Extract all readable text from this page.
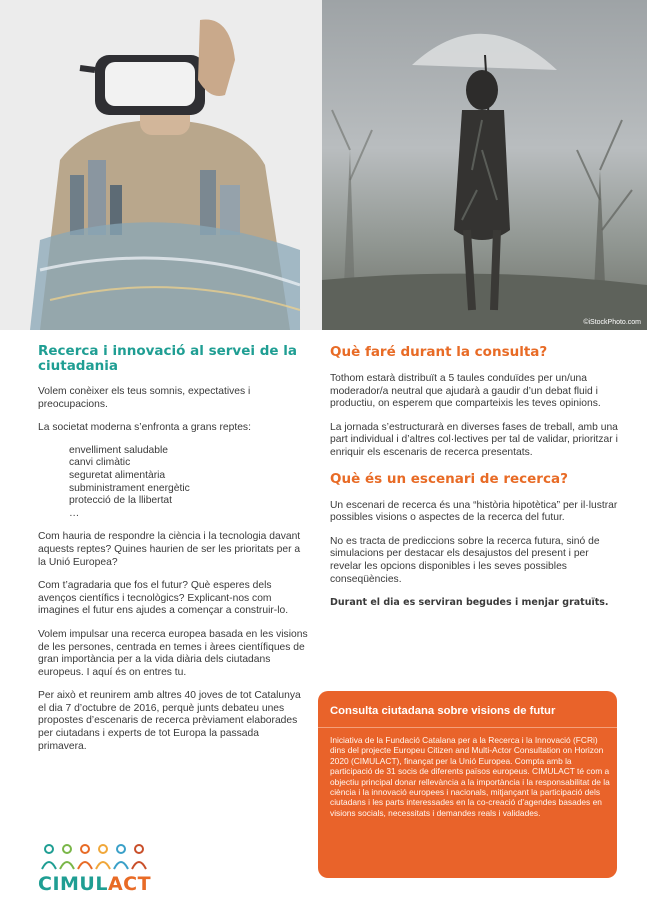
©iStockPhoto.com
Recerca i innovació al servei de la ciutadania

Volem conèixer els teus somnis, expectatives i preocupacions.

La societat moderna s’enfronta a grans reptes:

envelliment saludable
canvi climàtic
seguretat alimentària
subministrament energètic
protecció de la llibertat
…

Com hauria de respondre la ciència i la tecnologia davant aquests reptes? Quines haurien de ser les prioritats per a la Unió Europea?

Com t’agradaria que fos el futur? Què esperes dels avenços científics i tecnològics? Explicant-nos com imagines el futur ens ajudes a començar a construir-lo.

Volem impulsar una recerca europea basada en les visions de les persones, centrada en temes i àrees científiques de gran importància per a la vida diària dels ciutadans europeus. I aquí és on entres tu.

Per això et reunirem amb altres 40 joves de tot Catalunya el dia 7 d’octubre de 2016, perquè junts debateu unes propostes d’escenaris de recerca prèviament elaborades per ciutadans i experts de tot Europa la passada primavera.

Què faré durant la consulta?

Tothom estarà distribuït a 5 taules conduïdes per un/una moderador/a neutral que ajudarà a gaudir d’un debat fluid i productiu, on esperem que comparteixis les teves opinions.

La jornada s’estructurarà en diverses fases de treball, amb una part individual i d’altres col·lectives per tal de validar, prioritzar i enriquir els escenaris de recerca presentats.

Què és un escenari de recerca?

Un escenari de recerca és una “història hipotètica” per il·lustrar possibles visions o aspectes de la recerca del futur.

No es tracta de prediccions sobre la recerca futura, sinó de simulacions per destacar els desajustos del present i per revelar les opcions disponibles i les seves possibles conseqüències.

Durant el dia es serviran begudes i menjar gratuïts.

Consulta ciutadana sobre visions de futur
Iniciativa de la Fundació Catalana per a la Recerca i la Innovació (FCRi) dins del projecte Europeu Citizen and Multi-Actor Consultation on Horizon 2020 (CIMULACT), finançat per la Unió Europea. Compta amb la participació de 31 socis de diferents països europeus. CIMULACT té com a objectiu principal donar rellevància a la importància i la responsabilitat de la ciència i la innovació europees i nacionals, mitjançant la participació dels ciutadans i les parts interessades en la co-creació d’agendes basades en visions socials, necessitats i demandes reals i validades.
CIMULACT
